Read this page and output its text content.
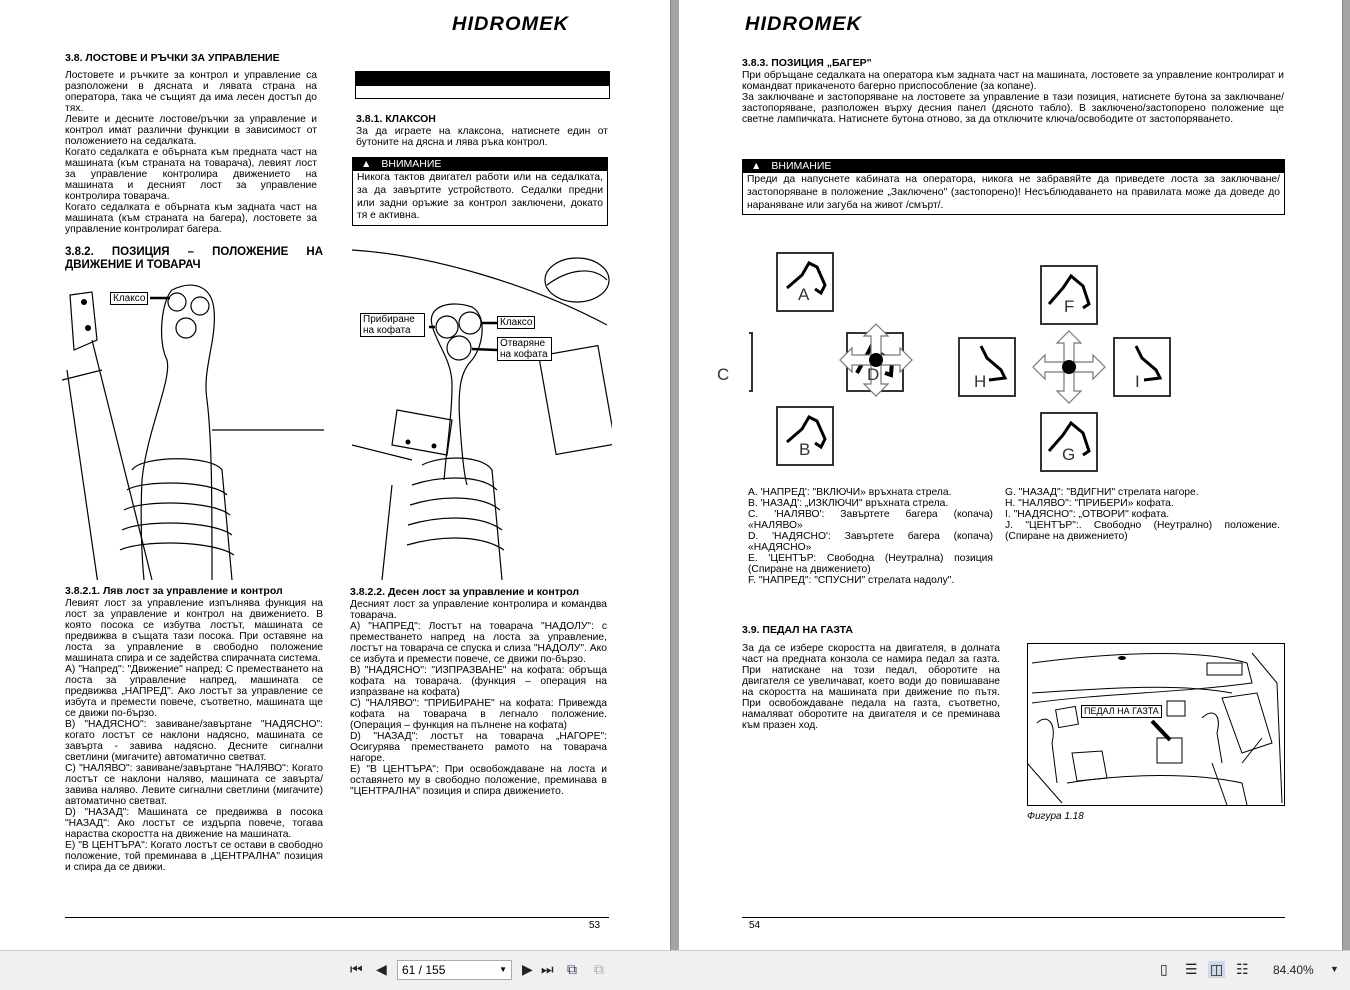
HIDROMEK
3.8. ЛОСТОВЕ И РЪЧКИ ЗА УПРАВЛЕНИЕ

Лостовете и ръчките за контрол и управление са разположени в дясната и лявата страна на оператора, така че същият да има лесен достъп до тях.

Левите и десните лостове/ръчки за управление и контрол имат различни функции в зависимост от положението на седалката.

Когато седалката е обърната към предната част на машината (към страната на товарача), левият лост за управление контролира движението на машината и десният лост за управление контролира товарача.

Когато седалката е обърната към задната част на машината (към страната на багера), лостовете за управление контролират багера.

3.8.2. ПОЗИЦИЯ – ПОЛОЖЕНИЕ НА ДВИЖЕНИЕ И ТОВАРАЧ
Клаксо
3.8.2.1. Ляв лост за управление и контрол

Левият лост за управление изпълнява функция на лост за управление и контрол на движението. В която посока се избутва лостът, машината се предвижва в същата тази посока. При оставяне на лоста за управление в свободно положение машината спира и се задейства спирачната система.

A) "Напред": "Движение" напред: С преместването на лоста за управление напред, машината се предвижва „НАПРЕД". Ако лостът за управление се избута и премести повече, съответно, машината ще се движи по-бързо.

B) "НАДЯСНО": завиване/завъртане "НАДЯСНО": когато лостът се наклони надясно, машината се завърта - завива надясно. Десните сигнални светлини (мигачите) автоматично светват.

C) "НАЛЯВО": завиване/завъртане "НАЛЯВО": Когато лостът се наклони наляво, машината се завърта/завива наляво. Левите сигнални светлини (мигачите) автоматично светват.

D) "НАЗАД": Машината се предвижва в посока "НАЗАД": Ако лостът се издърпа повече, тогава нараства скоростта на движение на машината.

E) "В ЦЕНТЪРА": Когато лостът се остави в свободно положение, той преминава в „ЦЕНТРАЛНА" позиция и спира да се движи.

3.8.1. КЛАКСОН
За да играете на клаксона, натиснете един от бутоните на дясна и лява ръка контрол.
▲ ВНИМАНИЕ
Никога тактов двигател работи или на седалката, за да завъртите устройството. Седалки предни или задни оръжие за контрол заключени, докато тя е активна.
Прибиране на кофата
Клаксо
Отваряне на кофата
3.8.2.2. Десен лост за управление и контрол

Десният лост за управление контролира и командва товарача.

A) "НАПРЕД": Лостът на товарача "НАДОЛУ": с преместването напред на лоста за управление, лостът на товарача се спуска и слиза "НАДОЛУ". Ако се избута и премести повече, се движи по-бързо.

B) "НАДЯСНО": "ИЗПРАЗВАНЕ" на кофата: обръща кофата на товарача. (функция – операция на изпразване на кофата)

C) "НАЛЯВО": "ПРИБИРАНЕ" на кофата: Привежда кофата на товарача в легнало положение. (Операция – функция на пълнене на кофата)

D) "НАЗАД": лостът на товарача „НАГОРЕ": Осигурява преместването рамото на товарача нагоре.

E) "В ЦЕНТЪРА": При освобождаване на лоста и оставянето му в свободно положение, преминава в "ЦЕНТРАЛНА" позиция и спира движението.

53
HIDROMEK
3.8.3. ПОЗИЦИЯ „БАГЕР"

При обръщане седалката на оператора към задната част на машината, лостовете за управление контролират и командват прикаченото багерно приспособление (за копане).

За заключване и застопоряване на лостовете за управление в тази позиция, натиснете бутона за заключване/застопоряване, разположен върху десния панел (дясното табло). В заключено/застопорено положение ще светне лампичката. Натиснете бутона отново, за да отключите ключа/освободите от застопоряването.

▲ ВНИМАНИЕ
Преди да напуснете кабината на оператора, никога не забравяйте да приведете лоста за заключване/застопоряване в положение „Заключено" (застопорено)! Несъблюдаването на правилата може да доведе до нараняване или загуба на живот /смърт/.
A
C	D
B
F
H	I
G

A. 'НАПРЕД': "ВКЛЮЧИ» връхната стрела.

B. 'НАЗАД': „ИЗКЛЮЧИ" връхната стрела.

C. 'НАЛЯВО': Завъртете багера (копача) «НАЛЯВО»

D. 'НАДЯСНО': Завъртете багера (копача) «НАДЯСНО»

E. 'ЦЕНТЪР: Свободна (Неутрална) позиция (Спиране на движението)

F. "НАПРЕД": "СПУСНИ" стрелата надолу".

G. "НАЗАД": "ВДИГНИ" стрелата нагоре.

H. "НАЛЯВО": "ПРИБЕРИ» кофата.

I. "НАДЯСНО": „ОТВОРИ" кофата.

J. "ЦЕНТЪР":. Свободно (Неутрално) положение. (Спиране на движението)

3.9. ПЕДАЛ НА ГАЗТА
За да се избере скоростта на двигателя, в долната част на предната конзола се намира педал за газта. При натискане на този педал, оборотите на двигателя се увеличават, което води до повишаване на скоростта на машината при движение по пътя. При освобождаване педала на газта, съответно, намаляват оборотите на двигателя и се преминава към празен ход.
ПЕДАЛ НА ГАЗТА
Фигура 1.18
54
⏮ ◀	61 / 155	▼ ▶ ⏭ ⧉ ⧉	▯ ☰ ◫ ☷ 84.40% ▼
